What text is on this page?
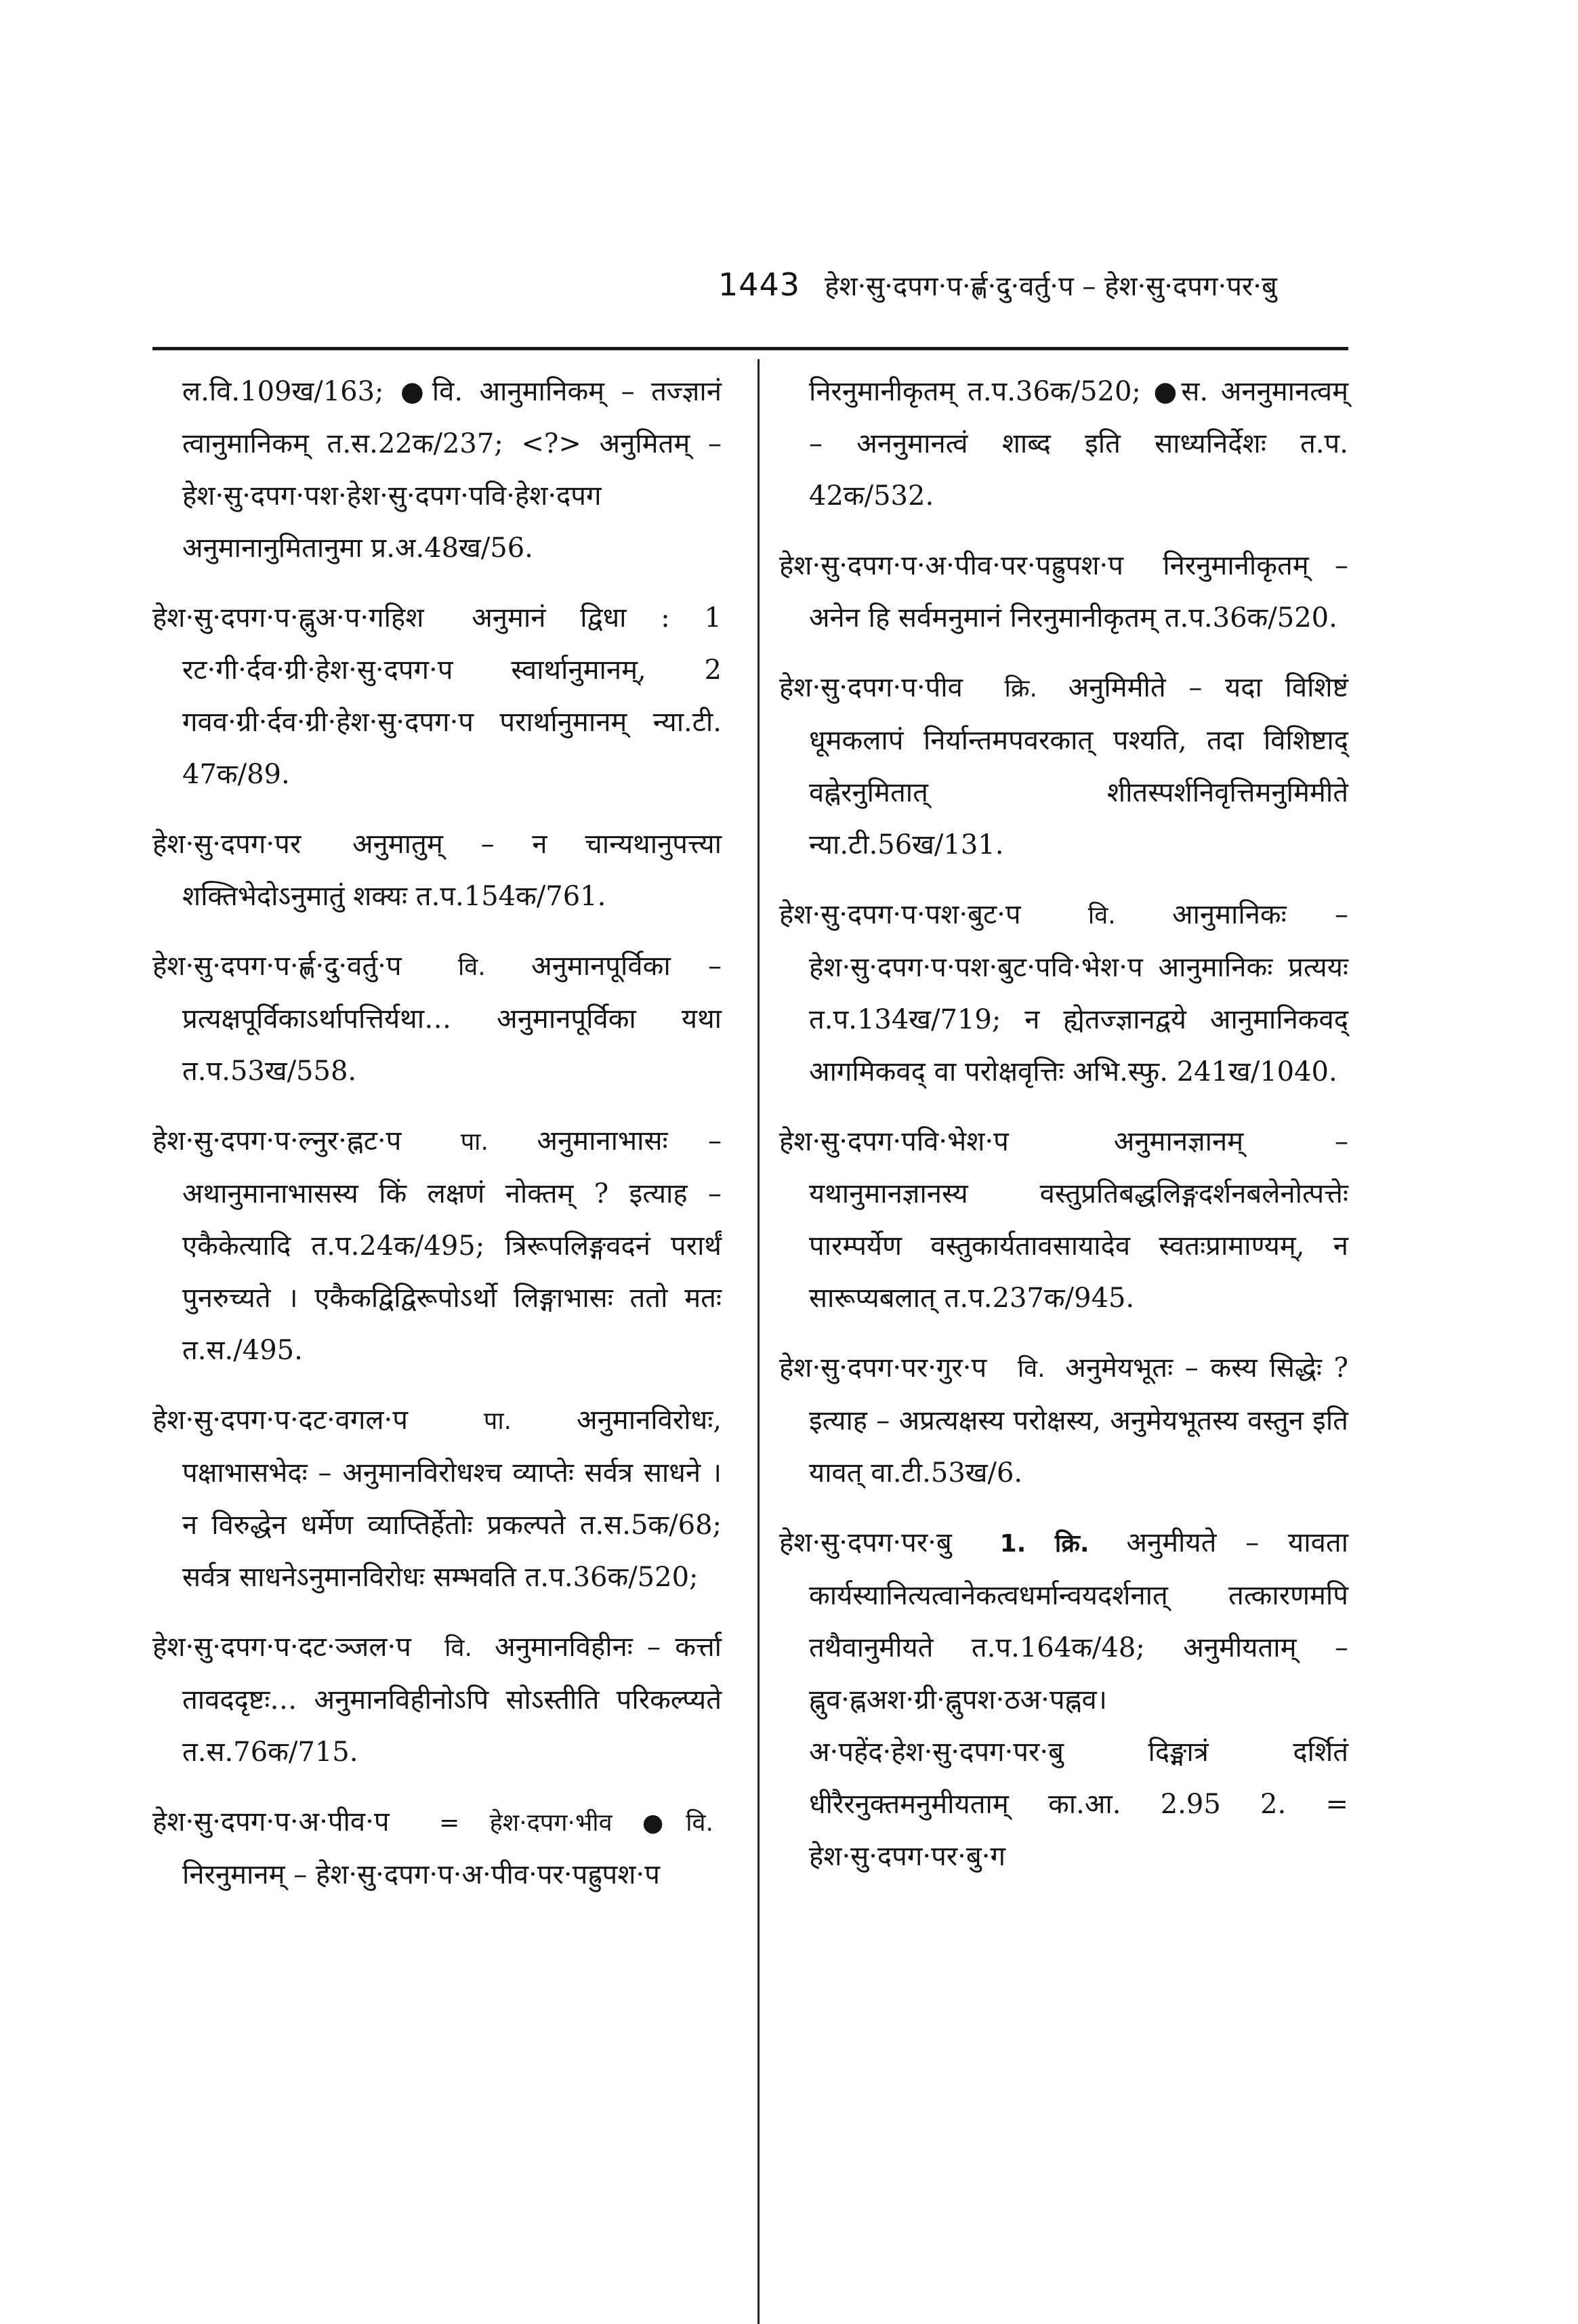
1443 हेश·सु·दपग·प·र्ह्ण·दु·वर्तु·प – हेश·सु·दपग·पर·बु

ल.वि.109ख/163; ●वि. आनुमानिकम् – तज्ज्ञानं त्वानुमानिकम् त.स.22क/237; <?> अनुमितम् – हेश·सु·दपग·पश·हेश·सु·दपग·पवि·हेश·दपग अनुमानानुमितानुमा प्र.अ.48ख/56.

हेश·सु·दपग·प·ह्नुअ·प·गहिश अनुमानं द्विधा : 1 रट·गी·र्दव·ग्री·हेश·सु·दपग·प स्वार्थानुमानम्, 2 गवव·ग्री·र्दव·ग्री·हेश·सु·दपग·प परार्थानुमानम् न्या.टी. 47क/89.

हेश·सु·दपग·पर अनुमातुम् – न चान्यथानुपत्त्या शक्तिभेदोऽनुमातुं शक्यः त.प.154क/761.

हेश·सु·दपग·प·र्ह्ण·दु·वर्तु·प वि. अनुमानपूर्विका – प्रत्यक्षपूर्विकाऽर्थापत्तिर्यथा… अनुमानपूर्विका यथा त.प.53ख/558.

हेश·सु·दपग·प·ल्नुर·ह्नट·प पा. अनुमानाभासः – अथानुमानाभासस्य किं लक्षणं नोक्तम् ? इत्याह – एकैकेत्यादि त.प.24क/495; त्रिरूपलिङ्गवदनं परार्थं पुनरुच्यते । एकैकद्विद्विरूपोऽर्थो लिङ्गाभासः ततो मतः त.स./495.

हेश·सु·दपग·प·दट·वगल·प	पा. अनुमानविरोधः, पक्षाभासभेदः – अनुमानविरोधश्च व्याप्तेः सर्वत्र साधने । न विरुद्धेन धर्मेण व्याप्तिर्हेतोः प्रकल्पते त.स.5क/68; सर्वत्र साधनेऽनुमानविरोधः सम्भवति त.प.36क/520;

हेश·सु·दपग·प·दट·ञ्जल·प वि. अनुमानविहीनः – कर्त्ता तावददृष्टः… अनुमानविहीनोऽपि सोऽस्तीति परिकल्प्यते त.स.76क/715.

हेश·सु·दपग·प·अ·पीव·प = हेश·दपग·भीव ●वि. निरनुमानम् – हेश·सु·दपग·प·अ·पीव·पर·पह्रुपश·प

निरनुमानीकृतम् त.प.36क/520; ●स. अननुमानत्वम् – अननुमानत्वं शाब्द इति साध्यनिर्देशः त.प. 42क/532.

हेश·सु·दपग·प·अ·पीव·पर·पह्रुपश·प निरनुमानीकृतम् – अनेन हि सर्वमनुमानं निरनुमानीकृतम् त.प.36क/520.

हेश·सु·दपग·प·पीव क्रि. अनुमिमीते – यदा विशिष्टं धूमकलापं निर्यान्तमपवरकात् पश्यति, तदा विशिष्टाद् वह्नेरनुमितात् शीतस्पर्शनिवृत्तिमनुमिमीते न्या.टी.56ख/131.

हेश·सु·दपग·प·पश·बुट·प	वि. आनुमानिकः – हेश·सु·दपग·प·पश·बुट·पवि·भेश·प आनुमानिकः प्रत्ययः त.प.134ख/719; न ह्येतज्ज्ञानद्वये आनुमानिकवद् आगमिकवद् वा परोक्षवृत्तिः अभि.स्फु. 241ख/1040.

हेश·सु·दपग·पवि·भेश·प	अनुमानज्ञानम् – यथानुमानज्ञानस्य वस्तुप्रतिबद्धलिङ्गदर्शनबलेनोत्पत्तेः पारम्पर्येण वस्तुकार्यतावसायादेव स्वतःप्रामाण्यम्, न सारूप्यबलात् त.प.237क/945.

हेश·सु·दपग·पर·गुर·प वि. अनुमेयभूतः – कस्य सिद्धेः ? इत्याह – अप्रत्यक्षस्य परोक्षस्य, अनुमेयभूतस्य वस्तुन इति यावत् वा.टी.53ख/6.

हेश·सु·दपग·पर·बु 1. क्रि. अनुमीयते – यावता कार्यस्यानित्यत्वानेकत्वधर्मान्वयदर्शनात् तत्कारणमपि तथैवानुमीयते त.प.164क/48; अनुमीयताम् – ह्नुव·ह्नअश·ग्री·ह्नुपश·ठअ·पह्नव। अ·पहेंद·हेश·सु·दपग·पर·बु दिङ्मात्रं दर्शितं धीरैरनुक्तमनुमीयताम् का.आ. 2.95 2. = हेश·सु·दपग·पर·बु·ग
